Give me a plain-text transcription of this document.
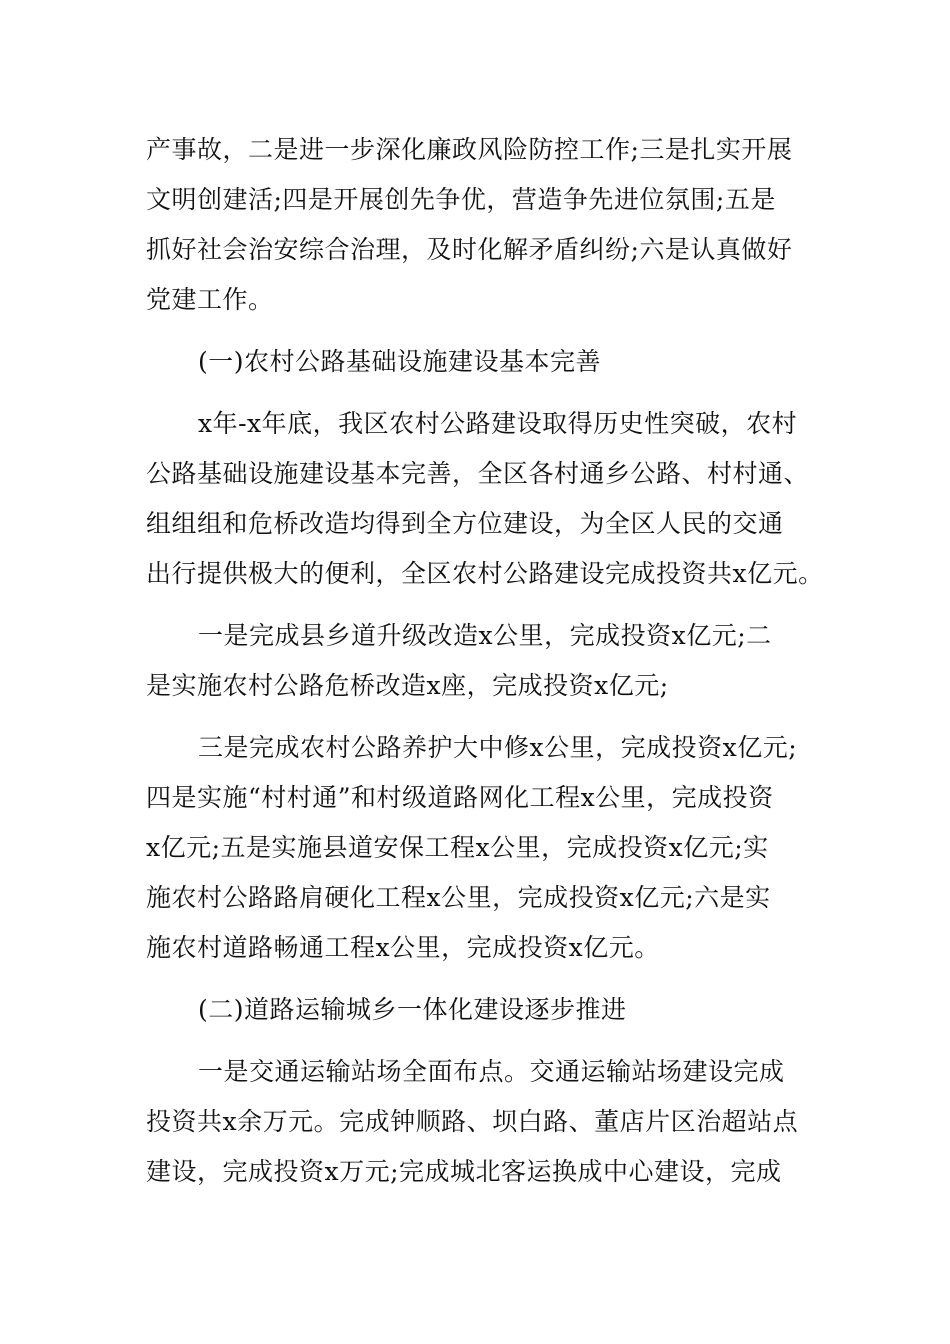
产事故，二是进一步深化廉政风险防控工作;三是扎实开展
文明创建活;四是开展创先争优，营造争先进位氛围;五是
抓好社会治安综合治理，及时化解矛盾纠纷;六是认真做好
党建工作。
(一)农村公路基础设施建设基本完善
x年-x年底，我区农村公路建设取得历史性突破，农村
公路基础设施建设基本完善，全区各村通乡公路、村村通、
组组组和危桥改造均得到全方位建设，为全区人民的交通
出行提供极大的便利，全区农村公路建设完成投资共x亿元。
一是完成县乡道升级改造x公里，完成投资x亿元;二
是实施农村公路危桥改造x座，完成投资x亿元;
三是完成农村公路养护大中修x公里，完成投资x亿元;
四是实施“村村通”和村级道路网化工程x公里，完成投资
x亿元;五是实施县道安保工程x公里，完成投资x亿元;实
施农村公路路肩硬化工程x公里，完成投资x亿元;六是实
施农村道路畅通工程x公里，完成投资x亿元。
(二)道路运输城乡一体化建设逐步推进
一是交通运输站场全面布点。交通运输站场建设完成
投资共x余万元。完成钟顺路、坝白路、董店片区治超站点
建设，完成投资x万元;完成城北客运换成中心建设，完成
